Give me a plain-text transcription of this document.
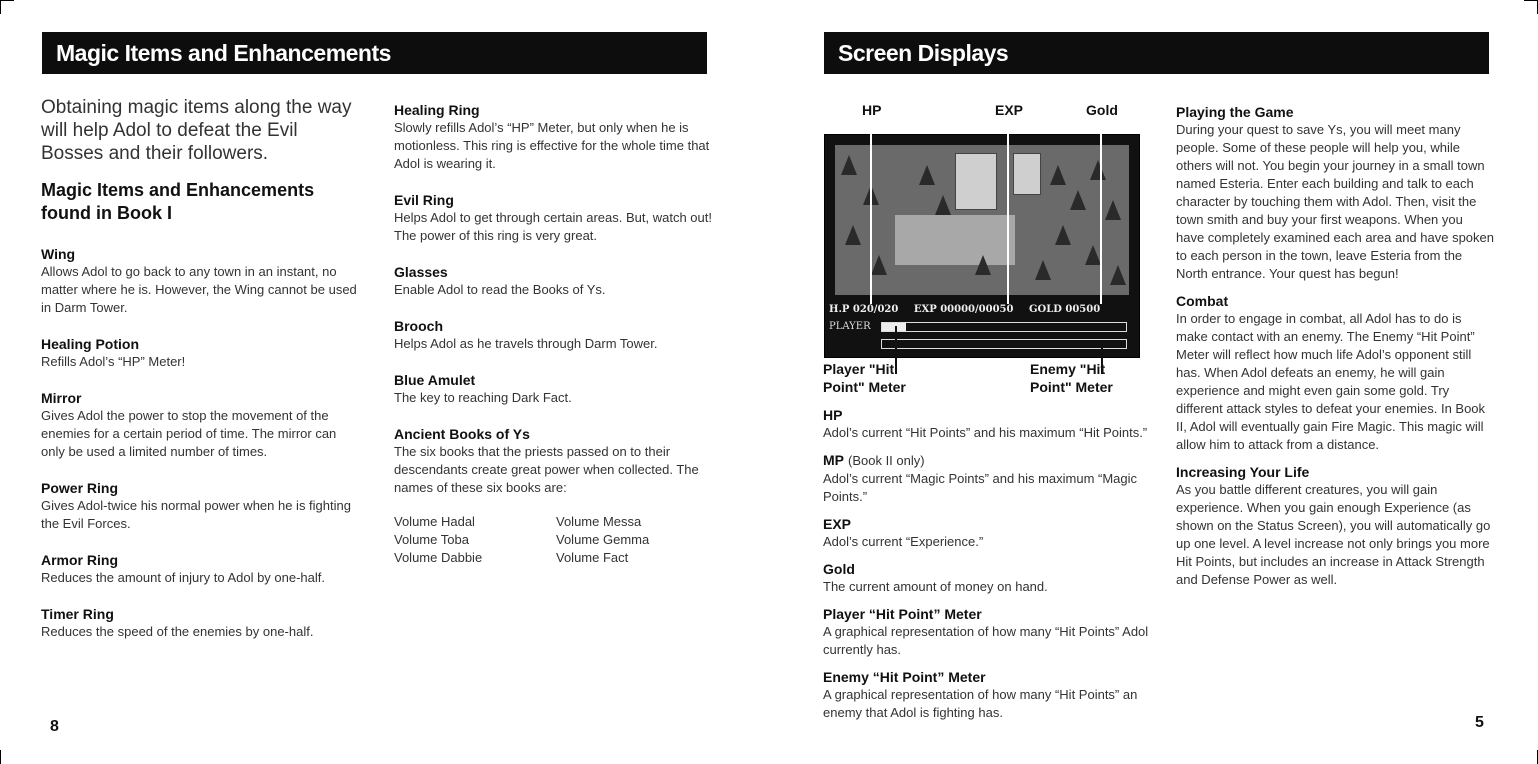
Magic Items and Enhancements

Obtaining magic items along the way will help Adol to defeat the Evil Bosses and their followers.

Magic Items and Enhancements found in Book I

Wing

Allows Adol to go back to any town in an instant, no matter where he is. However, the Wing cannot be used in Darm Tower.

Healing Potion

Refills Adol’s “HP” Meter!

Mirror

Gives Adol the power to stop the movement of the enemies for a certain period of time. The mirror can only be used a limited number of times.

Power Ring

Gives Adol-twice his normal power when he is fighting the Evil Forces.

Armor Ring

Reduces the amount of injury to Adol by one-half.

Timer Ring

Reduces the speed of the enemies by one-half.

Healing Ring

Slowly refills Adol’s “HP” Meter, but only when he is motionless. This ring is effective for the whole time that Adol is wearing it.

Evil Ring

Helps Adol to get through certain areas. But, watch out! The power of this ring is very great.

Glasses

Enable Adol to read the Books of Ys.

Brooch

Helps Adol as he travels through Darm Tower.

Blue Amulet

The key to reaching Dark Fact.

Ancient Books of Ys

The six books that the priests passed on to their descendants create great power when collected. The names of these six books are:

Volume Hadal	Volume Messa
Volume Toba	Volume Gemma
Volume Dabbie	Volume Fact
8
Screen Displays
HP	EXP	Gold
H.P 020/020 EXP 00000/00050 GOLD 00500
PLAYER
Player "Hit
Point" Meter
Enemy "Hit
Point" Meter

HP

Adol’s current “Hit Points” and his maximum “Hit Points.”

MP (Book II only)

Adol’s current “Magic Points” and his maximum “Magic Points.”

EXP

Adol’s current “Experience.”

Gold

The current amount of money on hand.

Player “Hit Point” Meter

A graphical representation of how many “Hit Points” Adol currently has.

Enemy “Hit Point” Meter

A graphical representation of how many “Hit Points” an enemy that Adol is fighting has.

Playing the Game

During your quest to save Ys, you will meet many people. Some of these people will help you, while others will not. You begin your journey in a small town named Esteria. Enter each building and talk to each character by touching them with Adol. Then, visit the town smith and buy your first weapons. When you have completely examined each area and have spoken to each person in the town, leave Esteria from the North entrance. Your quest has begun!

Combat

In order to engage in combat, all Adol has to do is make contact with an enemy. The Enemy “Hit Point” Meter will reflect how much life Adol’s opponent still has. When Adol defeats an enemy, he will gain experience and might even gain some gold. Try different attack styles to defeat your enemies. In Book II, Adol will eventually gain Fire Magic. This magic will allow him to attack from a distance.

Increasing Your Life

As you battle different creatures, you will gain experience. When you gain enough Experience (as shown on the Status Screen), you will automatically go up one level. A level increase not only brings you more Hit Points, but includes an increase in Attack Strength and Defense Power as well.

5
